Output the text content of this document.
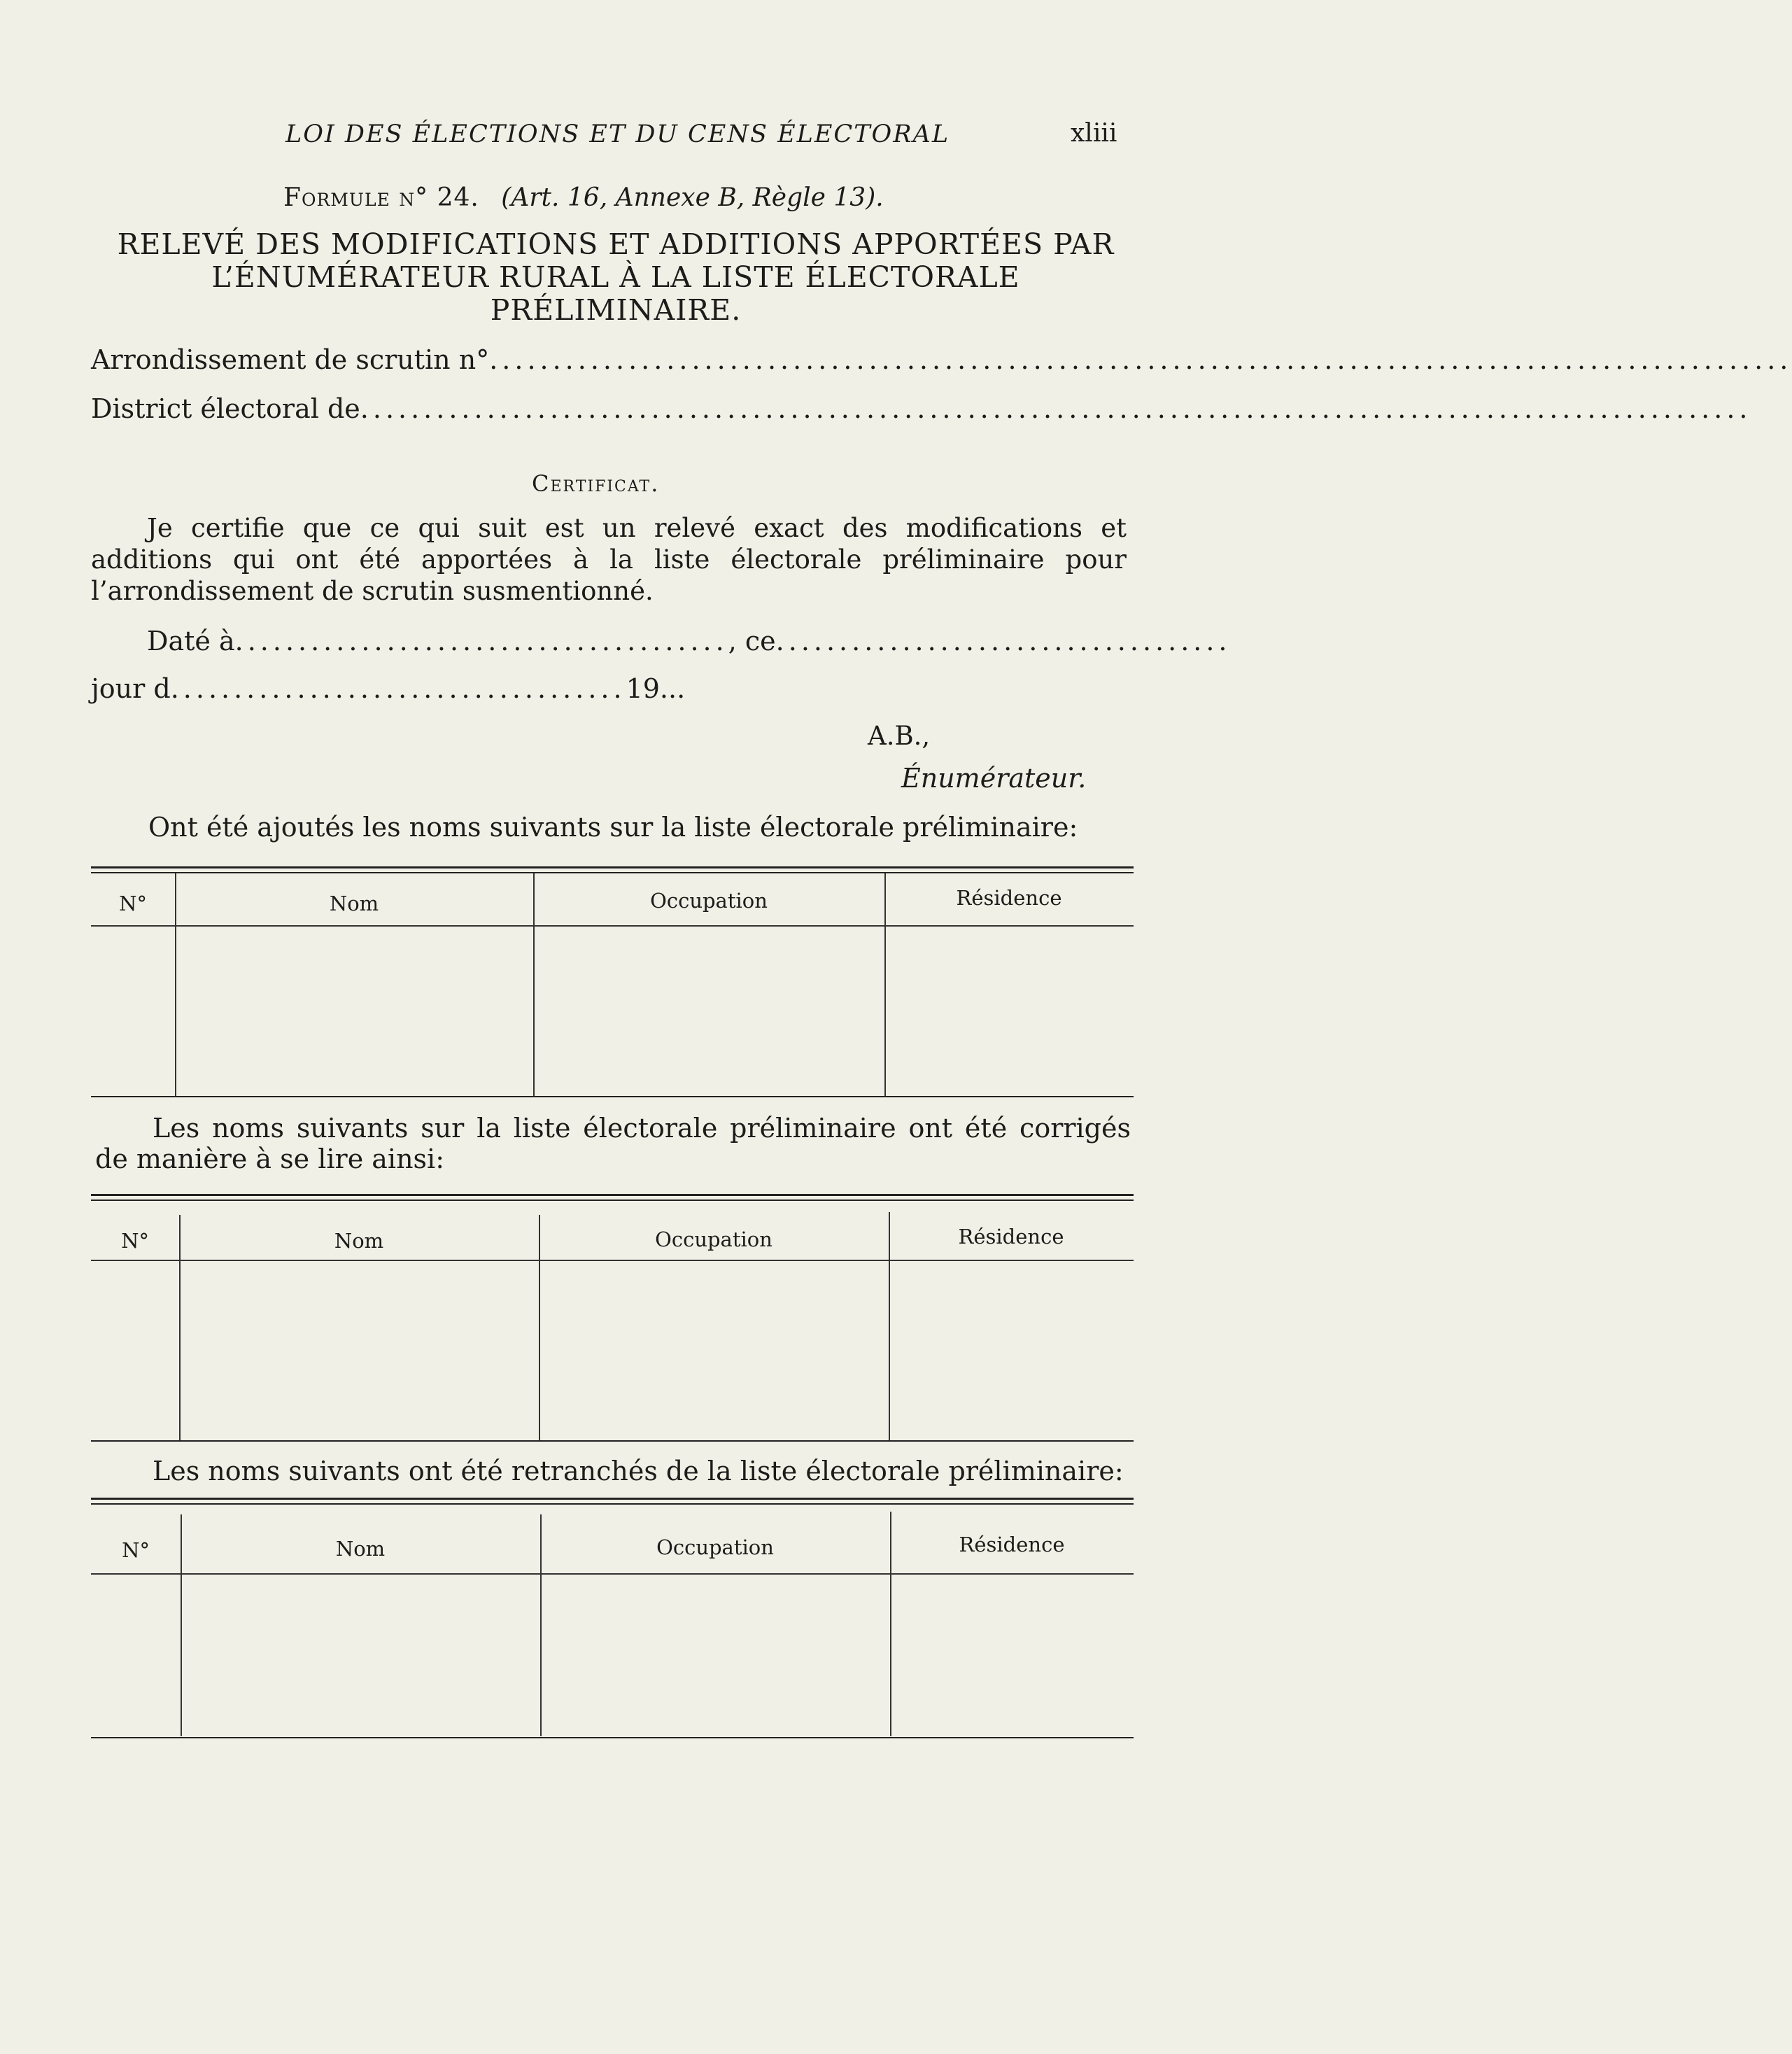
LOI DES ÉLECTIONS ET DU CENS ÉLECTORAL	xliii
Formule n° 24. (Art. 16, Annexe B, Règle 13).
RELEVÉ DES MODIFICATIONS ET ADDITIONS APPORTÉES PAR
L’ÉNUMÉRATEUR RURAL À LA LISTE ÉLECTORALE
PRÉLIMINAIRE.
Arrondissement de scrutin n°.......................................................................................................
District électoral de..............................................................................................................
Certificat.
Je certifie que ce qui suit est un relevé exact des modifications et additions qui ont été apportées à la liste électorale préliminaire pour l’arrondissement de scrutin susmentionné.
Daté à......................................., ce....................................
jour d....................................19...
A.B.,
Énumérateur.
Ont été ajoutés les noms suivants sur la liste électorale préliminaire:
N°	Nom	Occupation	Résidence
Les noms suivants sur la liste électorale préliminaire ont été corrigés de manière à se lire ainsi:
N°	Nom	Occupation	Résidence
Les noms suivants ont été retranchés de la liste électorale préliminaire:
N°	Nom	Occupation	Résidence
